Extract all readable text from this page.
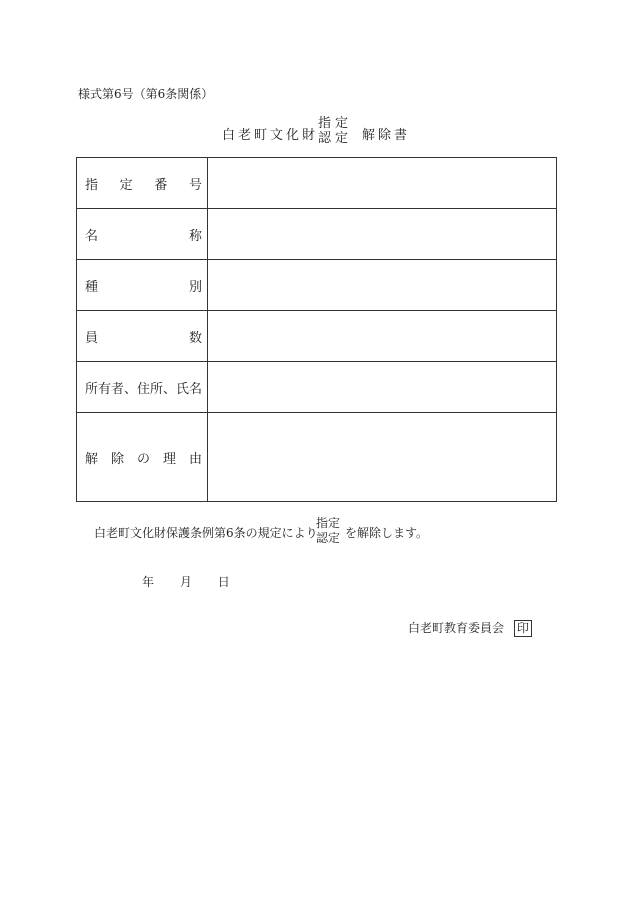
様式第6号（第6条関係）
白老町文化財
指定
認定 解除書
指 定 番 号	

名 称	

種 別	

員 数	

所有者、住所、氏名	

解 除 の 理 由	

白老町文化財保護条例第6条の規定により
指定
認定 を解除します。
年 月 日
白老町教育委員会 印
